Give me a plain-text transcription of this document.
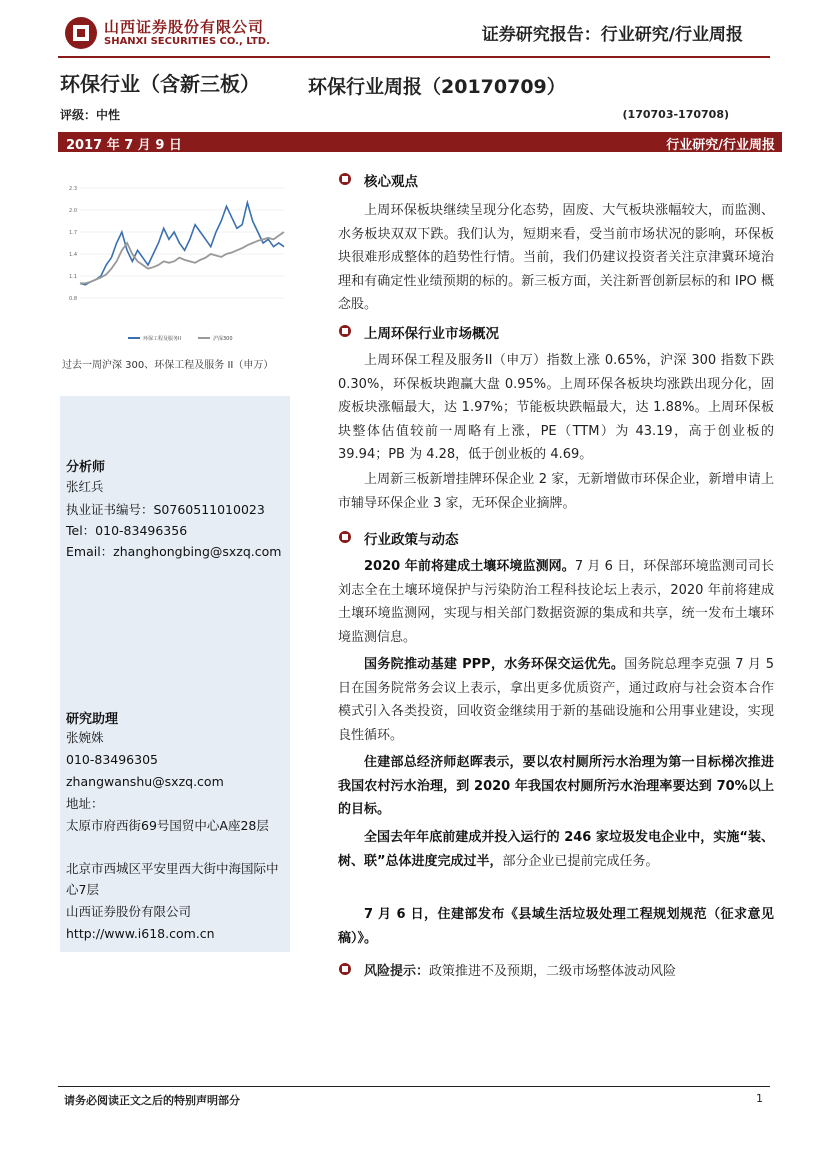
山西证券股份有限公司
SHANXI SECURITIES CO., LTD.	证券研究报告：行业研究/行业周报
环保行业（含新三板）	环保行业周报（20170709）
评级：中性	(170703-170708)
2017 年 7 月 9 日	行业研究/行业周报
2.3
2.0
1.7
1.4
1.1
0.8
环保工程及服务II	沪深300
过去一周沪深 300、环保工程及服务 II（申万）
分析师
张红兵
执业证书编号：S0760511010023
Tel：010-83496356
Email：zhanghongbing@sxzq.com
研究助理
张婉姝
010-83496305
zhangwanshu@sxzq.com
地址：
太原市府西街69号国贸中心A座28层
北京市西城区平安里西大街中海国际中心7层
山西证券股份有限公司
http://www.i618.com.cn
核心观点
上周环保板块继续呈现分化态势，固废、大气板块涨幅较大，而监测、水务板块双双下跌。我们认为，短期来看，受当前市场状况的影响，环保板块很难形成整体的趋势性行情。当前，我们仍建议投资者关注京津冀环境治理和有确定性业绩预期的标的。新三板方面，关注新晋创新层标的和 IPO 概念股。
上周环保行业市场概况
上周环保工程及服务II（申万）指数上涨 0.65%，沪深 300 指数下跌 0.30%，环保板块跑赢大盘 0.95%。上周环保各板块均涨跌出现分化，固废板块涨幅最大，达 1.97%；节能板块跌幅最大，达 1.88%。上周环保板块整体估值较前一周略有上涨，PE（TTM）为 43.19，高于创业板的 39.94；PB 为 4.28，低于创业板的 4.69。
上周新三板新增挂牌环保企业 2 家，无新增做市环保企业，新增申请上市辅导环保企业 3 家，无环保企业摘牌。
行业政策与动态
2020 年前将建成土壤环境监测网。7 月 6 日，环保部环境监测司司长刘志全在土壤环境保护与污染防治工程科技论坛上表示，2020 年前将建成土壤环境监测网，实现与相关部门数据资源的集成和共享，统一发布土壤环境监测信息。
国务院推动基建 PPP，水务环保交运优先。国务院总理李克强 7 月 5 日在国务院常务会议上表示，拿出更多优质资产，通过政府与社会资本合作模式引入各类投资，回收资金继续用于新的基础设施和公用事业建设，实现良性循环。
住建部总经济师赵晖表示，要以农村厕所污水治理为第一目标梯次推进我国农村污水治理，到 2020 年我国农村厕所污水治理率要达到 70%以上的目标。
全国去年年底前建成并投入运行的 246 家垃圾发电企业中，实施“装、树、联”总体进度完成过半，部分企业已提前完成任务。
7 月 6 日，住建部发布《县域生活垃圾处理工程规划规范（征求意见稿）》。
风险提示：政策推进不及预期，二级市场整体波动风险
请务必阅读正文之后的特别声明部分	1
